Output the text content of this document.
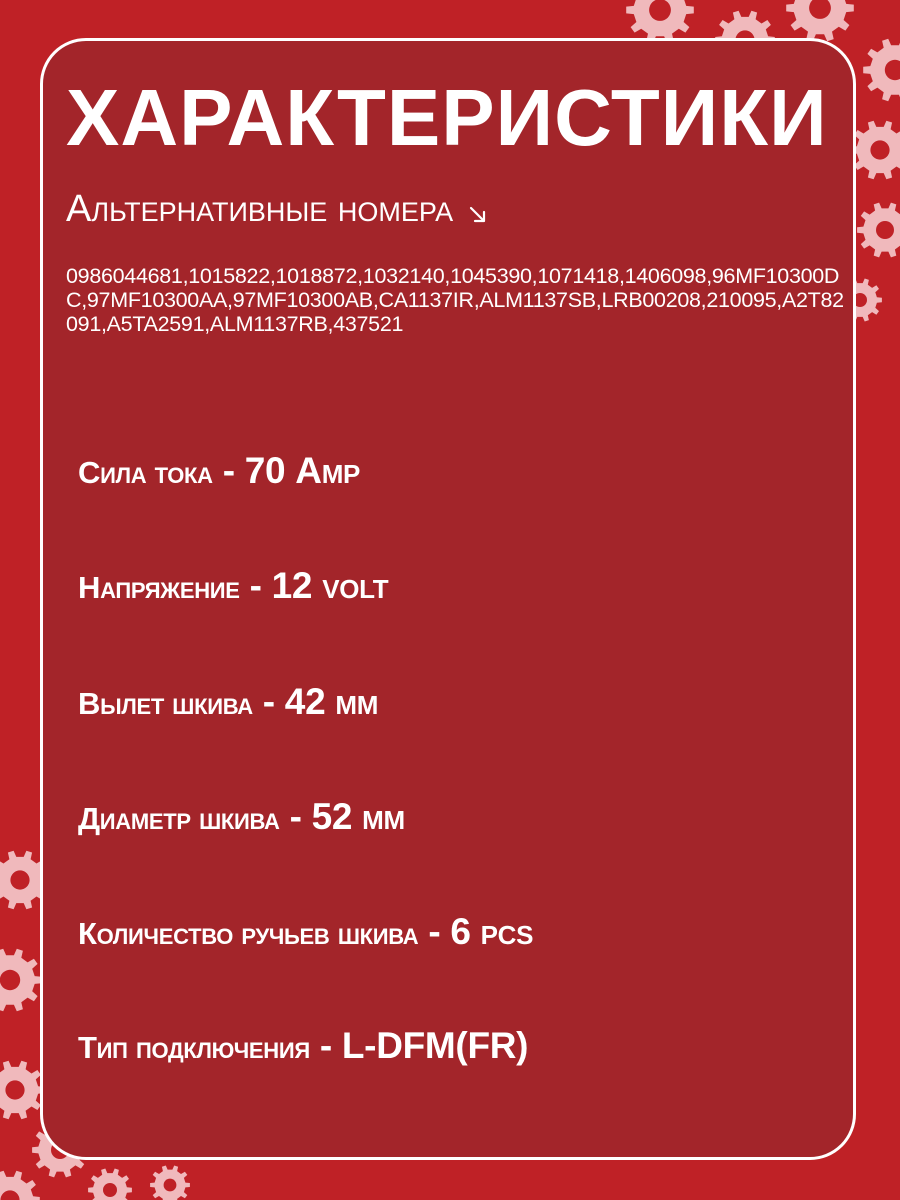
ХАРАКТЕРИСТИКИ
Альтернативные номера
0986044681,1015822,1018872,1032140,1045390,1071418,1406098,96MF10300DC,97MF10300AA,97MF10300AB,CA1137IR,ALM1137SB,LRB00208,210095,A2T82091,A5TA2591,ALM1137RB,437521

Сила тока - 70 Amp

Напряжение - 12 volt

Вылет шкива - 42 мм

Диаметр шкива - 52 мм

Количество ручьев шкива - 6 pcs

Тип подключения - L-DFM(FR)
